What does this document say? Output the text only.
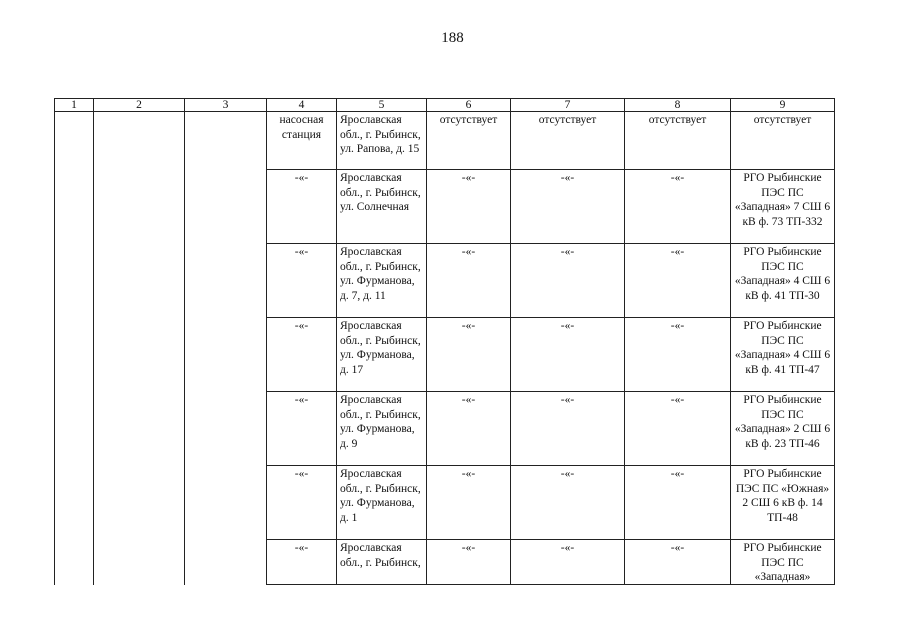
188
1	2	3	4	5	6	7	8	9
			насосная станция	Ярославская обл., г. Рыбинск, ул. Рапова, д. 15	отсутствует	отсутствует	отсутствует	отсутствует
			-«-	Ярославская обл., г. Рыбинск, ул. Солнечная	-«-	-«-	-«-	РГО Рыбинские ПЭС ПС «Западная» 7 СШ 6 кВ ф. 73 ТП-332
			-«-	Ярославская обл., г. Рыбинск, ул. Фурманова, д. 7, д. 11	-«-	-«-	-«-	РГО Рыбинские ПЭС ПС «Западная» 4 СШ 6 кВ ф. 41 ТП-30
			-«-	Ярославская обл., г. Рыбинск, ул. Фурманова, д. 17	-«-	-«-	-«-	РГО Рыбинские ПЭС ПС «Западная» 4 СШ 6 кВ ф. 41 ТП-47
			-«-	Ярославская обл., г. Рыбинск, ул. Фурманова, д. 9	-«-	-«-	-«-	РГО Рыбинские ПЭС ПС «Западная» 2 СШ 6 кВ ф. 23 ТП-46
			-«-	Ярославская обл., г. Рыбинск, ул. Фурманова, д. 1	-«-	-«-	-«-	РГО Рыбинские ПЭС ПС «Южная» 2 СШ 6 кВ ф. 14 ТП-48
			-«-	Ярославская обл., г. Рыбинск,	-«-	-«-	-«-	РГО Рыбинские ПЭС ПС «Западная»
